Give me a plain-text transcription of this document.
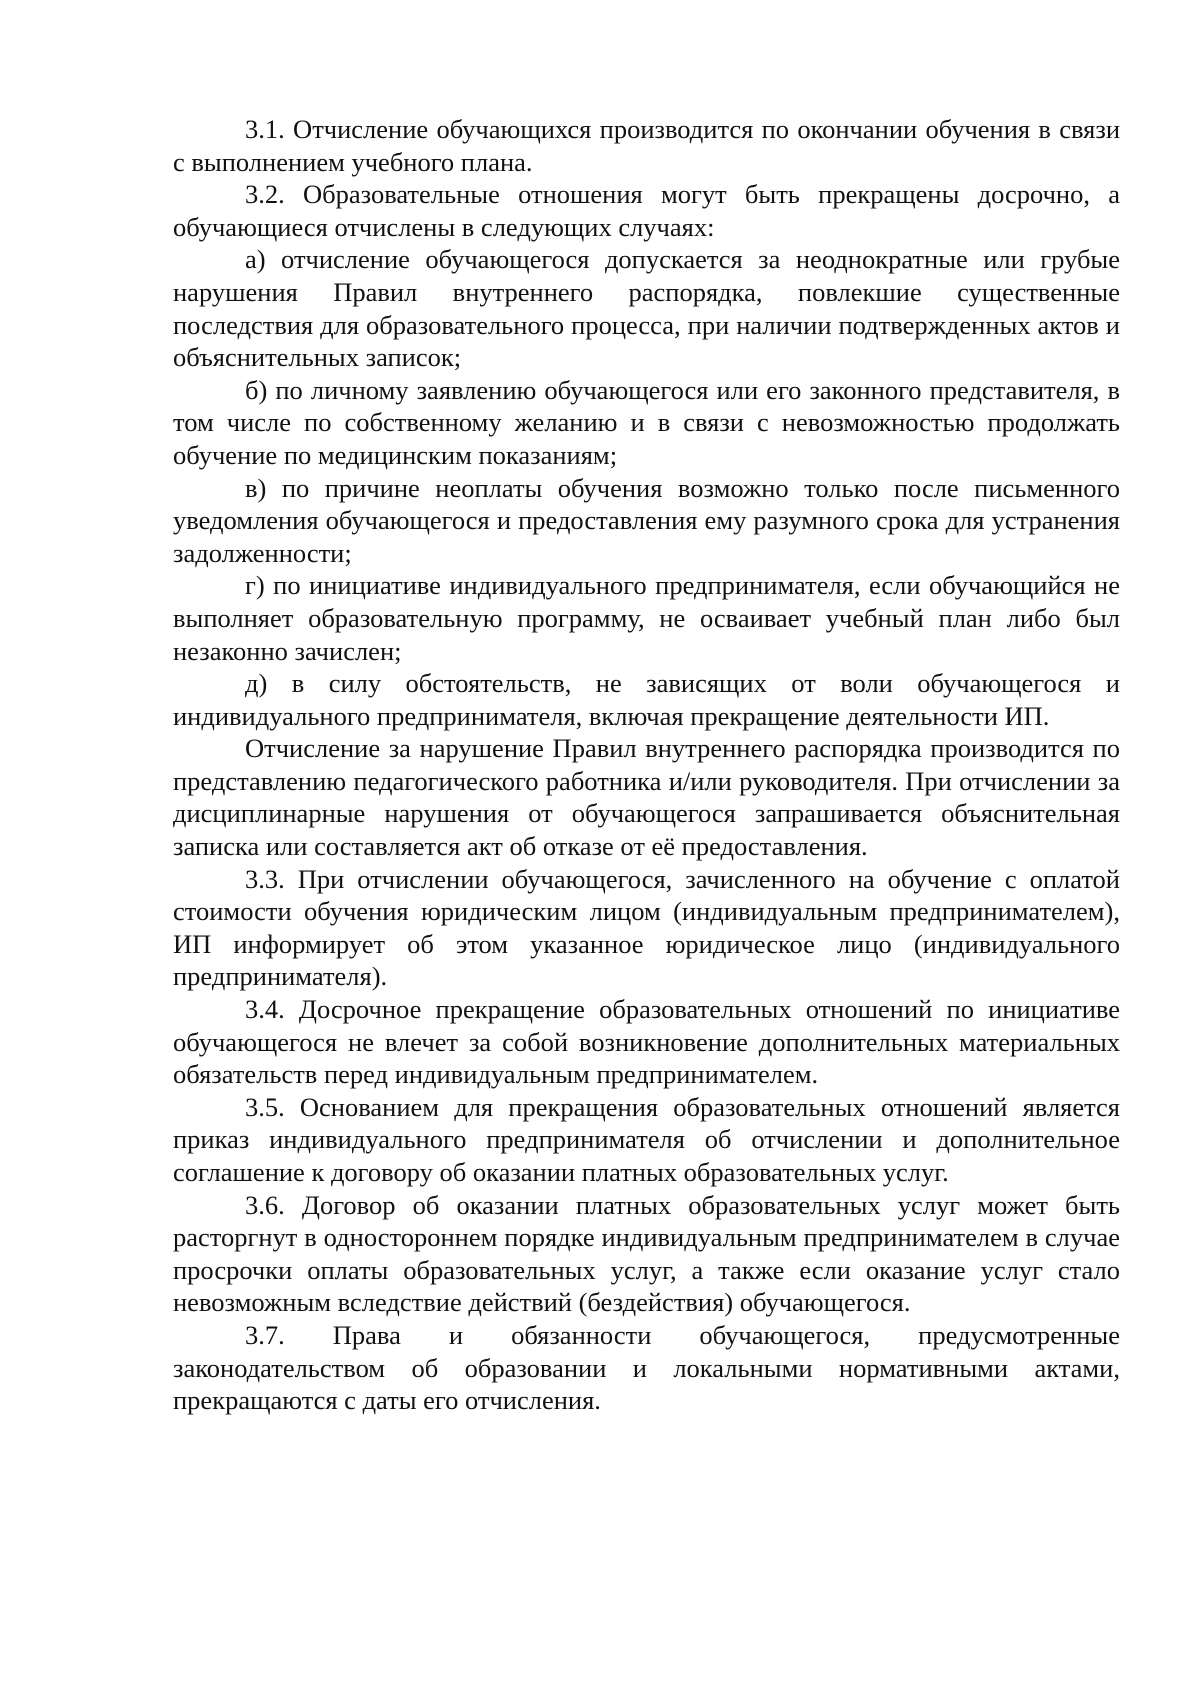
3.1. Отчисление обучающихся производится по окончании обучения в связи с выполнением учебного плана.

3.2. Образовательные отношения могут быть прекращены досрочно, а обучающиеся отчислены в следующих случаях:

а) отчисление обучающегося допускается за неоднократные или грубые нарушения Правил внутреннего распорядка, повлекшие существенные последствия для образовательного процесса, при наличии подтвержденных актов и объяснительных записок;

б) по личному заявлению обучающегося или его законного представителя, в том числе по собственному желанию и в связи с невозможностью продолжать обучение по медицинским показаниям;

в) по причине неоплаты обучения возможно только после письменного уведомления обучающегося и предоставления ему разумного срока для устранения задолженности;

г) по инициативе индивидуального предпринимателя, если обучающийся не выполняет образовательную программу, не осваивает учебный план либо был незаконно зачислен;

д) в силу обстоятельств, не зависящих от воли обучающегося и индивидуального предпринимателя, включая прекращение деятельности ИП.

Отчисление за нарушение Правил внутреннего распорядка производится по представлению педагогического работника и/или руководителя. При отчислении за дисциплинарные нарушения от обучающегося запрашивается объяснительная записка или составляется акт об отказе от её предоставления.

3.3. При отчислении обучающегося, зачисленного на обучение с оплатой стоимости обучения юридическим лицом (индивидуальным предпринимателем), ИП информирует об этом указанное юридическое лицо (индивидуального предпринимателя).

3.4. Досрочное прекращение образовательных отношений по инициативе обучающегося не влечет за собой возникновение дополнительных материальных обязательств перед индивидуальным предпринимателем.

3.5. Основанием для прекращения образовательных отношений является приказ индивидуального предпринимателя об отчислении и дополнительное соглашение к договору об оказании платных образовательных услуг.

3.6. Договор об оказании платных образовательных услуг может быть расторгнут в одностороннем порядке индивидуальным предпринимателем в случае просрочки оплаты образовательных услуг, а также если оказание услуг стало невозможным вследствие действий (бездействия) обучающегося.

3.7. Права и обязанности обучающегося, предусмотренные законодательством об образовании и локальными нормативными актами, прекращаются с даты его отчисления.
